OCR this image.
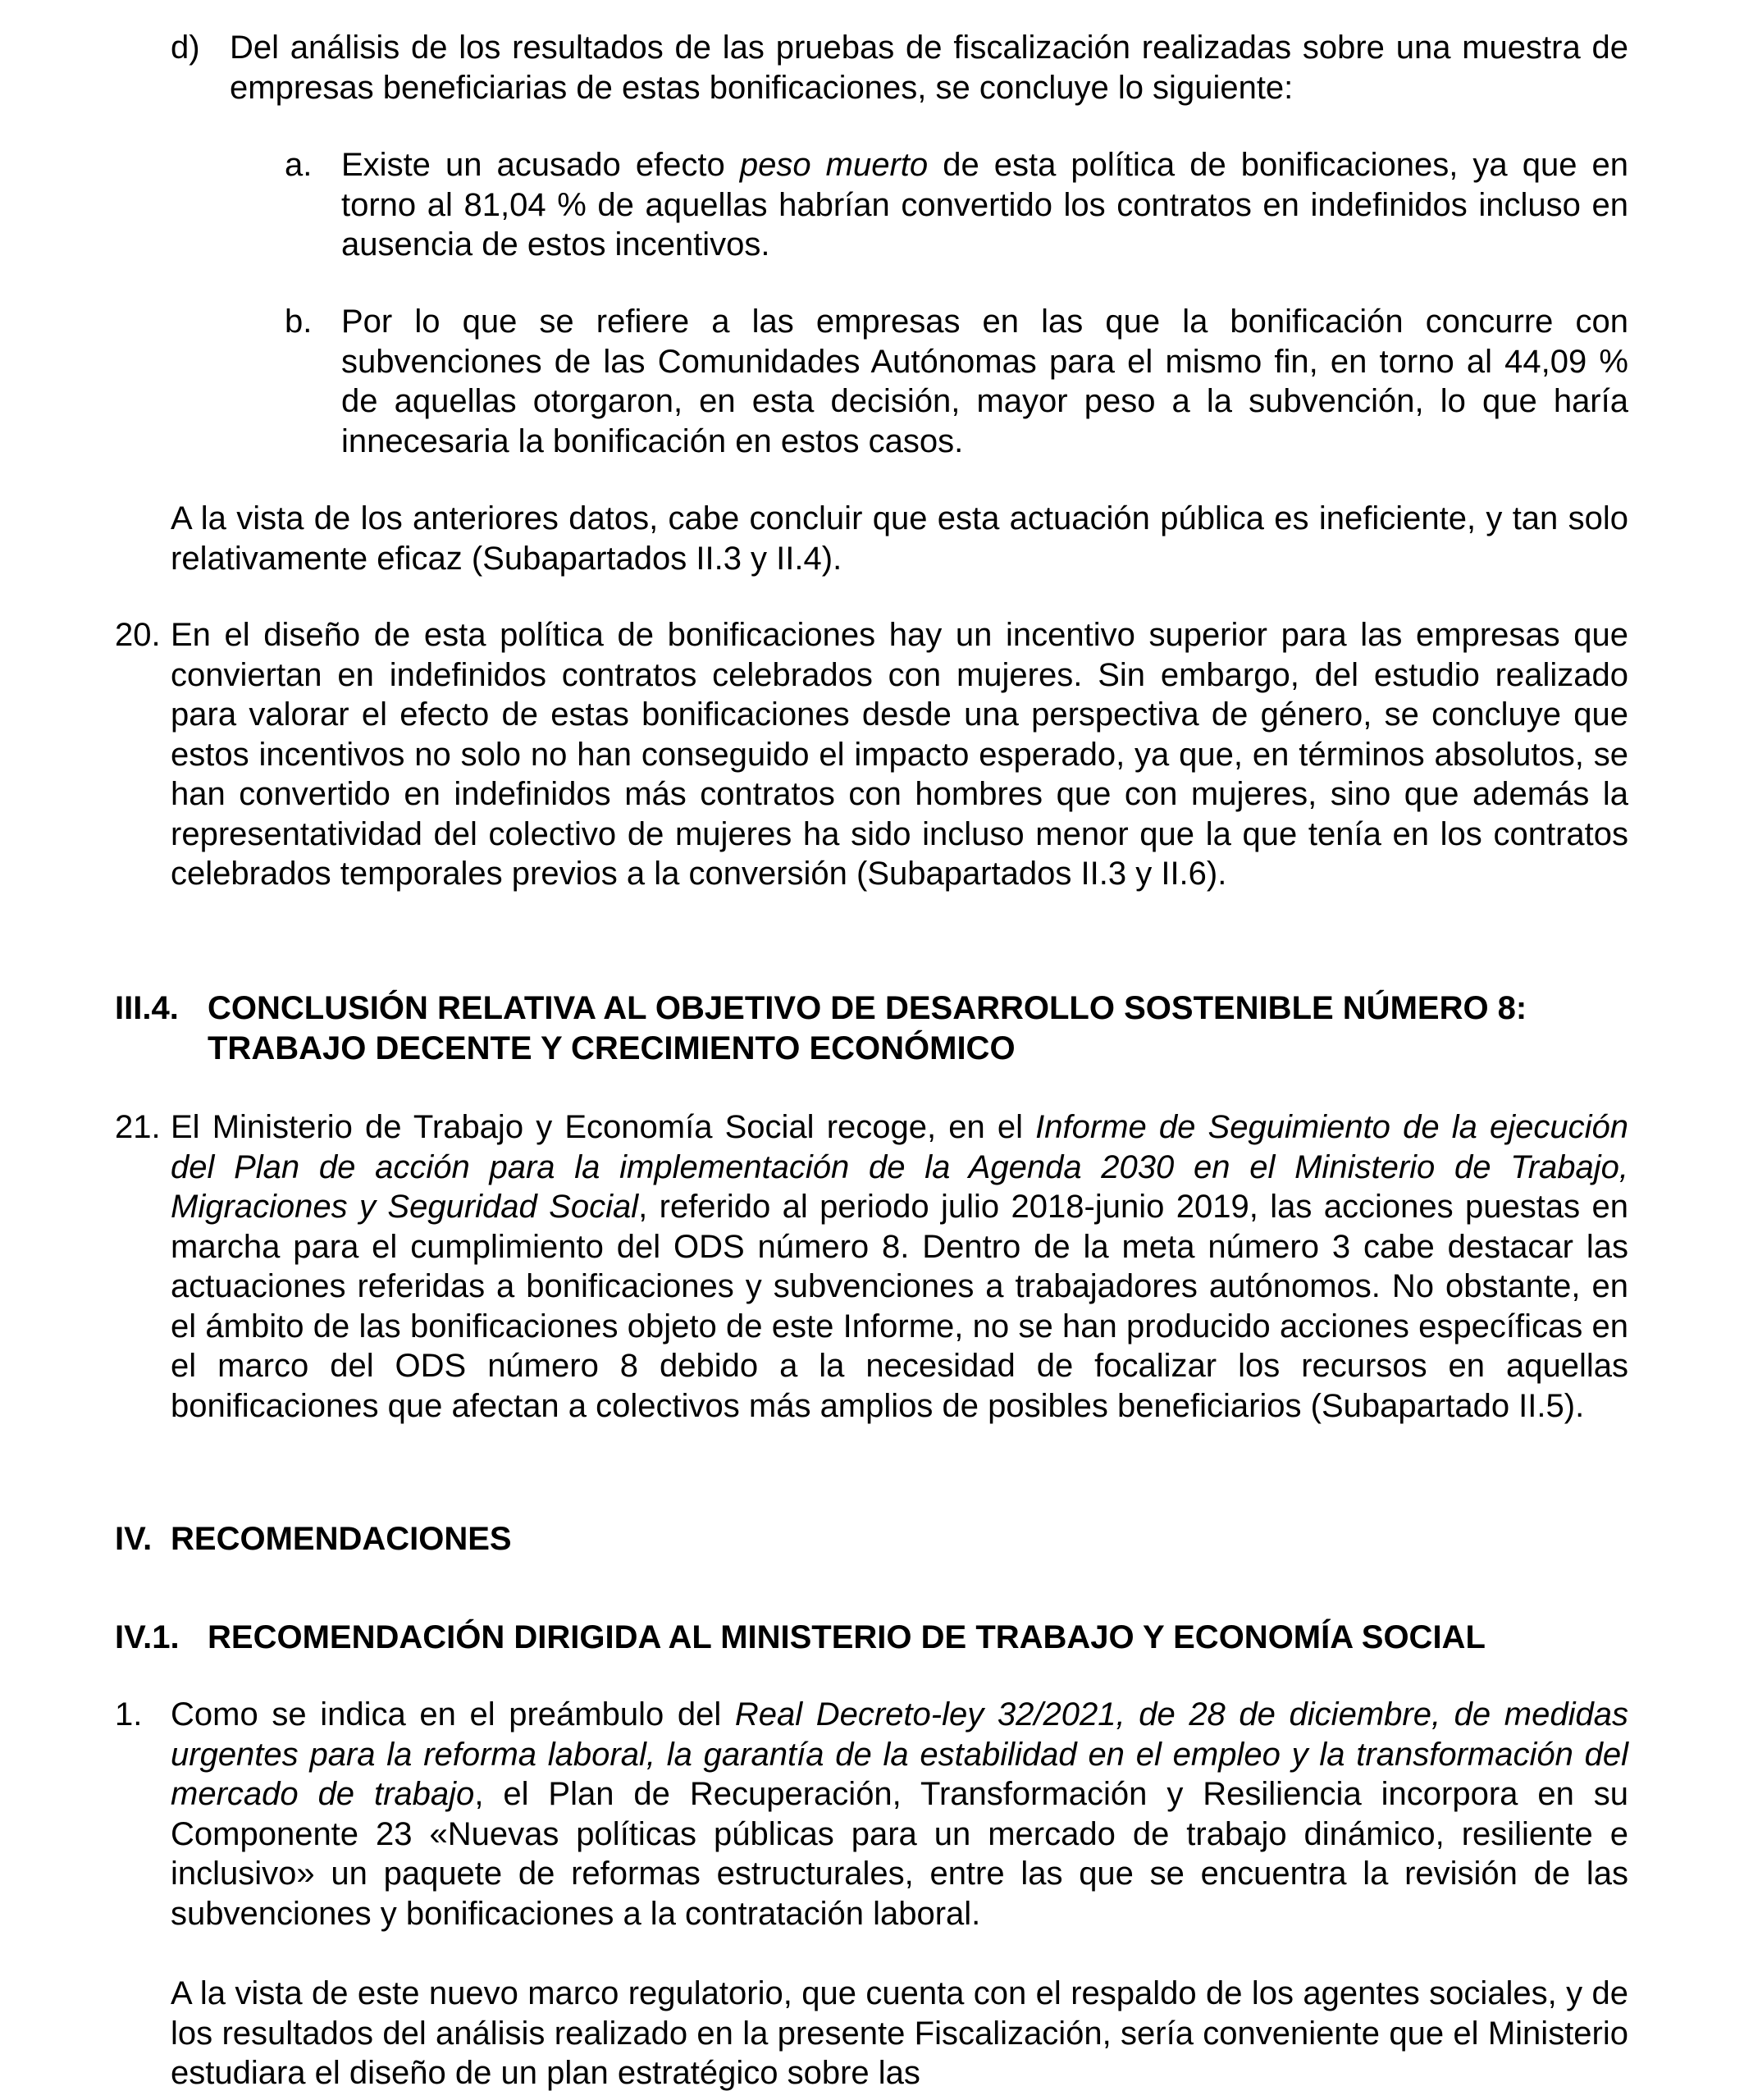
d) Del análisis de los resultados de las pruebas de fiscalización realizadas sobre una muestra de empresas beneficiarias de estas bonificaciones, se concluye lo siguiente:
a. Existe un acusado efecto peso muerto de esta política de bonificaciones, ya que en torno al 81,04 % de aquellas habrían convertido los contratos en indefinidos incluso en ausencia de estos incentivos.
b. Por lo que se refiere a las empresas en las que la bonificación concurre con subvenciones de las Comunidades Autónomas para el mismo fin, en torno al 44,09 % de aquellas otorgaron, en esta decisión, mayor peso a la subvención, lo que haría innecesaria la bonificación en estos casos.
A la vista de los anteriores datos, cabe concluir que esta actuación pública es ineficiente, y tan solo relativamente eficaz (Subapartados II.3 y II.4).
20. En el diseño de esta política de bonificaciones hay un incentivo superior para las empresas que conviertan en indefinidos contratos celebrados con mujeres. Sin embargo, del estudio realizado para valorar el efecto de estas bonificaciones desde una perspectiva de género, se concluye que estos incentivos no solo no han conseguido el impacto esperado, ya que, en términos absolutos, se han convertido en indefinidos más contratos con hombres que con mujeres, sino que además la representatividad del colectivo de mujeres ha sido incluso menor que la que tenía en los contratos celebrados temporales previos a la conversión (Subapartados II.3 y II.6).
III.4. CONCLUSIÓN RELATIVA AL OBJETIVO DE DESARROLLO SOSTENIBLE NÚMERO 8: TRABAJO DECENTE Y CRECIMIENTO ECONÓMICO
21. El Ministerio de Trabajo y Economía Social recoge, en el Informe de Seguimiento de la ejecución del Plan de acción para la implementación de la Agenda 2030 en el Ministerio de Trabajo, Migraciones y Seguridad Social, referido al periodo julio 2018-junio 2019, las acciones puestas en marcha para el cumplimiento del ODS número 8. Dentro de la meta número 3 cabe destacar las actuaciones referidas a bonificaciones y subvenciones a trabajadores autónomos. No obstante, en el ámbito de las bonificaciones objeto de este Informe, no se han producido acciones específicas en el marco del ODS número 8 debido a la necesidad de focalizar los recursos en aquellas bonificaciones que afectan a colectivos más amplios de posibles beneficiarios (Subapartado II.5).
IV. RECOMENDACIONES
IV.1. RECOMENDACIÓN DIRIGIDA AL MINISTERIO DE TRABAJO Y ECONOMÍA SOCIAL
1. Como se indica en el preámbulo del Real Decreto-ley 32/2021, de 28 de diciembre, de medidas urgentes para la reforma laboral, la garantía de la estabilidad en el empleo y la transformación del mercado de trabajo, el Plan de Recuperación, Transformación y Resiliencia incorpora en su Componente 23 «Nuevas políticas públicas para un mercado de trabajo dinámico, resiliente e inclusivo» un paquete de reformas estructurales, entre las que se encuentra la revisión de las subvenciones y bonificaciones a la contratación laboral.
A la vista de este nuevo marco regulatorio, que cuenta con el respaldo de los agentes sociales, y de los resultados del análisis realizado en la presente Fiscalización, sería conveniente que el Ministerio estudiara el diseño de un plan estratégico sobre las
